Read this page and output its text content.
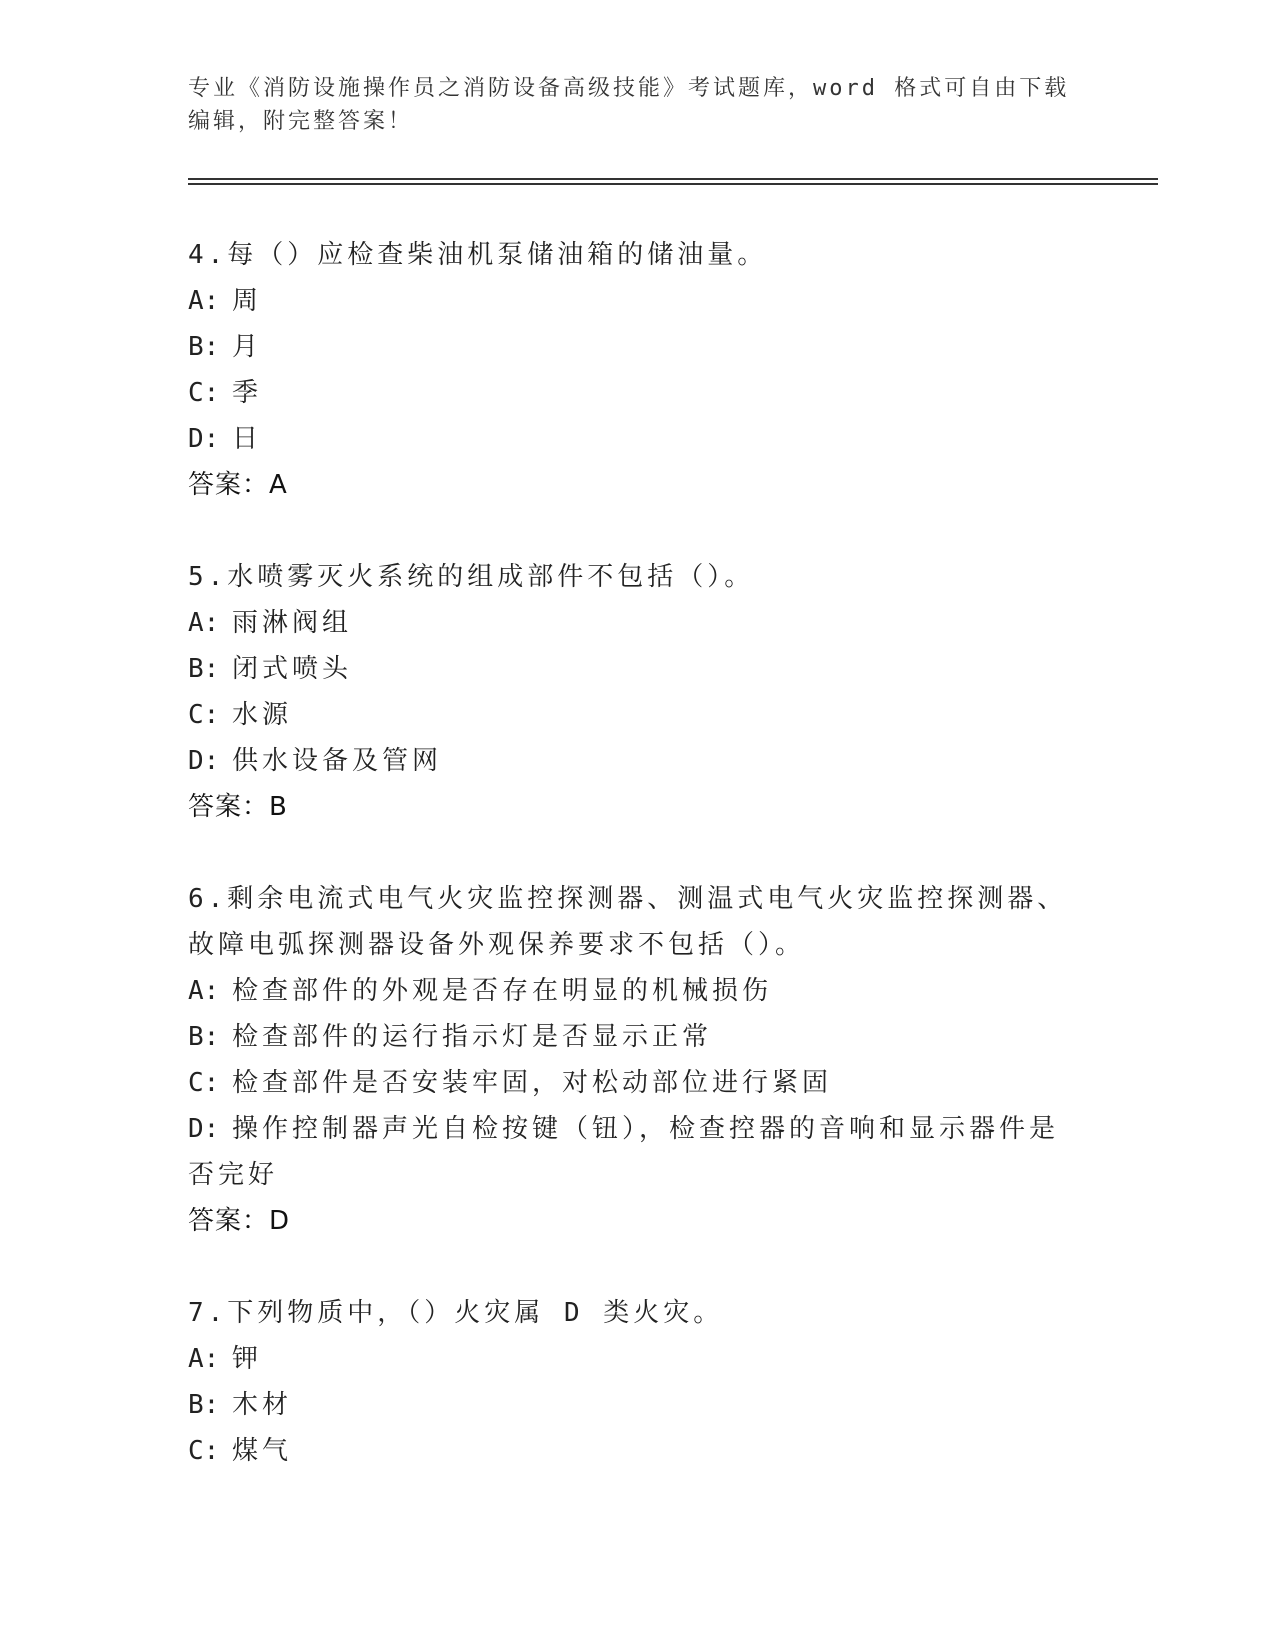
专业《消防设施操作员之消防设备高级技能》考试题库，word 格式可自由下载编辑，附完整答案！

4.每（）应检查柴油机泵储油箱的储油量。

A: 周

B: 月

C: 季

D: 日

答案：A

5.水喷雾灭火系统的组成部件不包括（）。

A: 雨淋阀组

B: 闭式喷头

C: 水源

D: 供水设备及管网

答案：B

6.剩余电流式电气火灾监控探测器、测温式电气火灾监控探测器、故障电弧探测器设备外观保养要求不包括（）。

A: 检查部件的外观是否存在明显的机械损伤

B: 检查部件的运行指示灯是否显示正常

C: 检查部件是否安装牢固，对松动部位进行紧固

D: 操作控制器声光自检按键（钮），检查控器的音响和显示器件是否完好

答案：D

7.下列物质中，（）火灾属 D 类火灾。

A: 钾

B: 木材

C: 煤气
